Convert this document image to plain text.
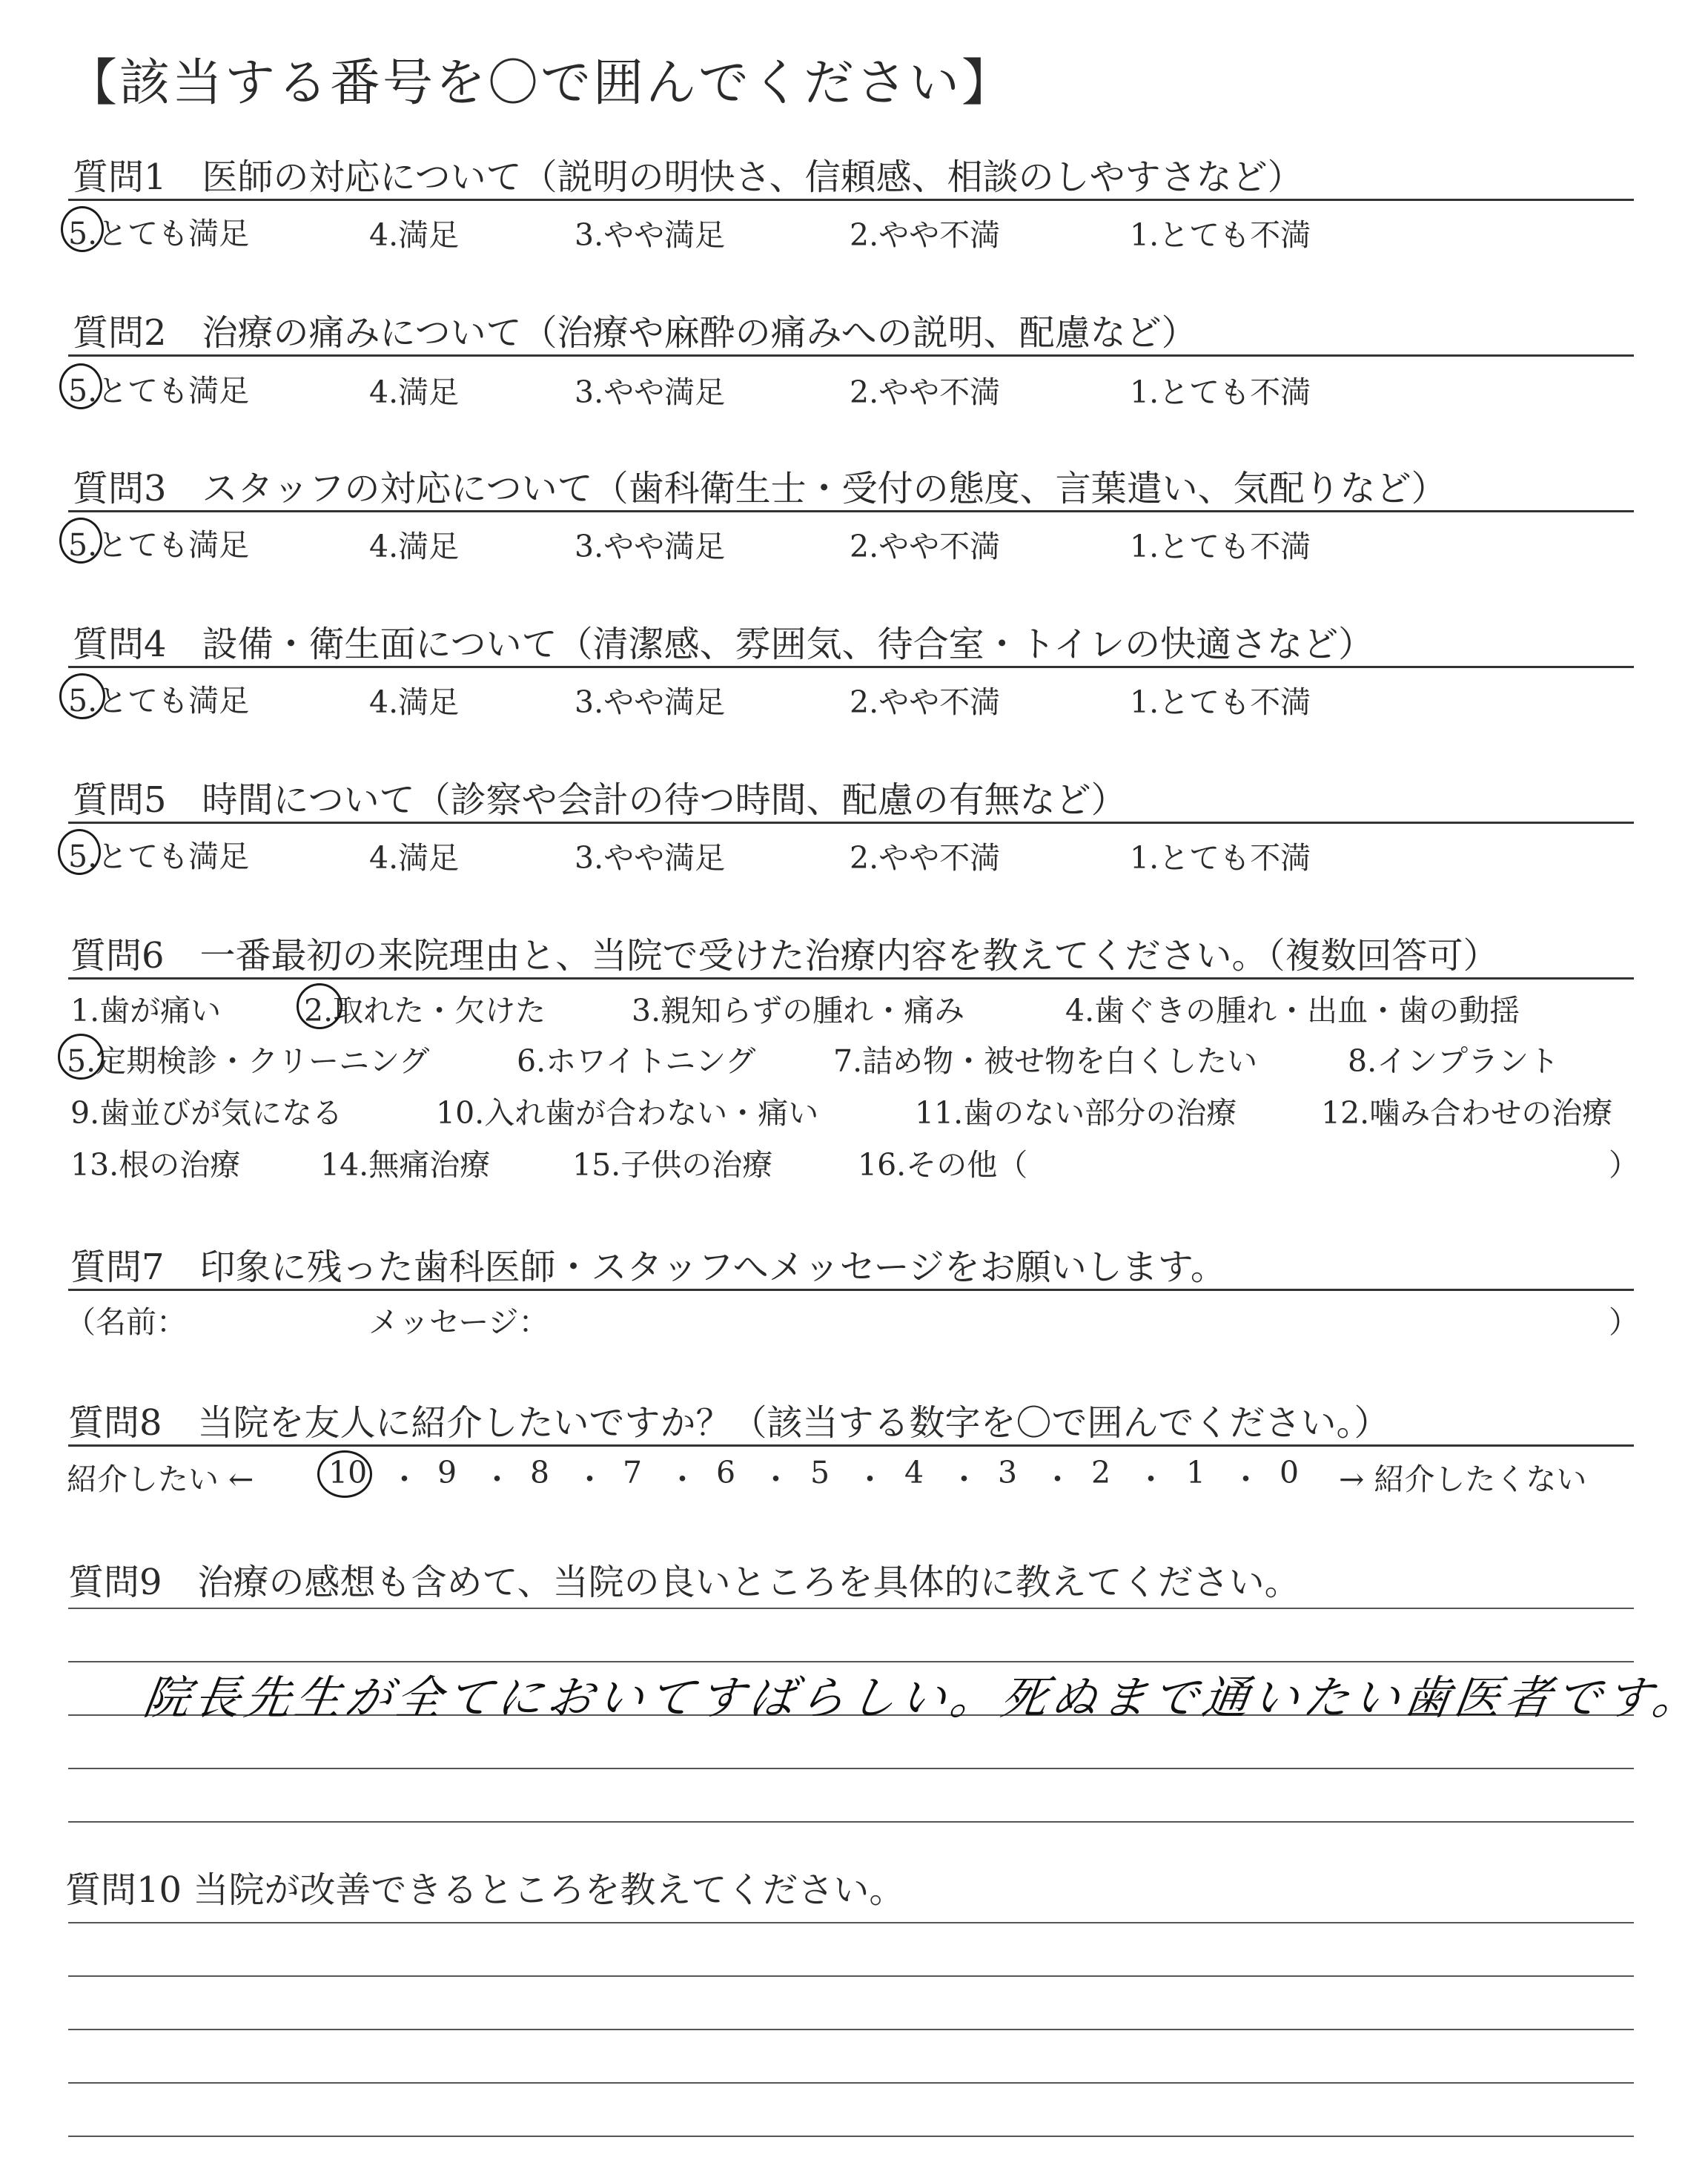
【該当する番号を〇で囲んでください】
質問1　医師の対応について（説明の明快さ、信頼感、相談のしやすさなど）
5.とても満足	4.満足	3.やや満足	2.やや不満	1.とても不満
質問2　治療の痛みについて（治療や麻酔の痛みへの説明、配慮など）
5.とても満足	4.満足	3.やや満足	2.やや不満	1.とても不満
質問3　スタッフの対応について（歯科衛生士・受付の態度、言葉遣い、気配りなど）
5.とても満足	4.満足	3.やや満足	2.やや不満	1.とても不満
質問4　設備・衛生面について（清潔感、雰囲気、待合室・トイレの快適さなど）
5.とても満足	4.満足	3.やや満足	2.やや不満	1.とても不満
質問5　時間について（診察や会計の待つ時間、配慮の有無など）
5.とても満足	4.満足	3.やや満足	2.やや不満	1.とても不満
質問6　一番最初の来院理由と、当院で受けた治療内容を教えてください。（複数回答可）
1.歯が痛い	2.取れた・欠けた	3.親知らずの腫れ・痛み	4.歯ぐきの腫れ・出血・歯の動揺
5.定期検診・クリーニング	6.ホワイトニング	7.詰め物・被せ物を白くしたい	8.インプラント
9.歯並びが気になる	10.入れ歯が合わない・痛い	11.歯のない部分の治療	12.噛み合わせの治療
13.根の治療	14.無痛治療	15.子供の治療	16.その他（	）
質問7　印象に残った歯科医師・スタッフへメッセージをお願いします。
（名前：	メッセージ：	）
質問8　当院を友人に紹介したいですか？（該当する数字を〇で囲んでください。）
紹介したい ← 10 ・ 9 ・ 8 ・ 7 ・ 6 ・ 5 ・ 4 ・ 3 ・ 2 ・ 1 ・ 0 → 紹介したくない
質問9　治療の感想も含めて、当院の良いところを具体的に教えてください。
院長先生が全てにおいてすばらしい。死ぬまで通いたい歯医者です。
質問10 当院が改善できるところを教えてください。
